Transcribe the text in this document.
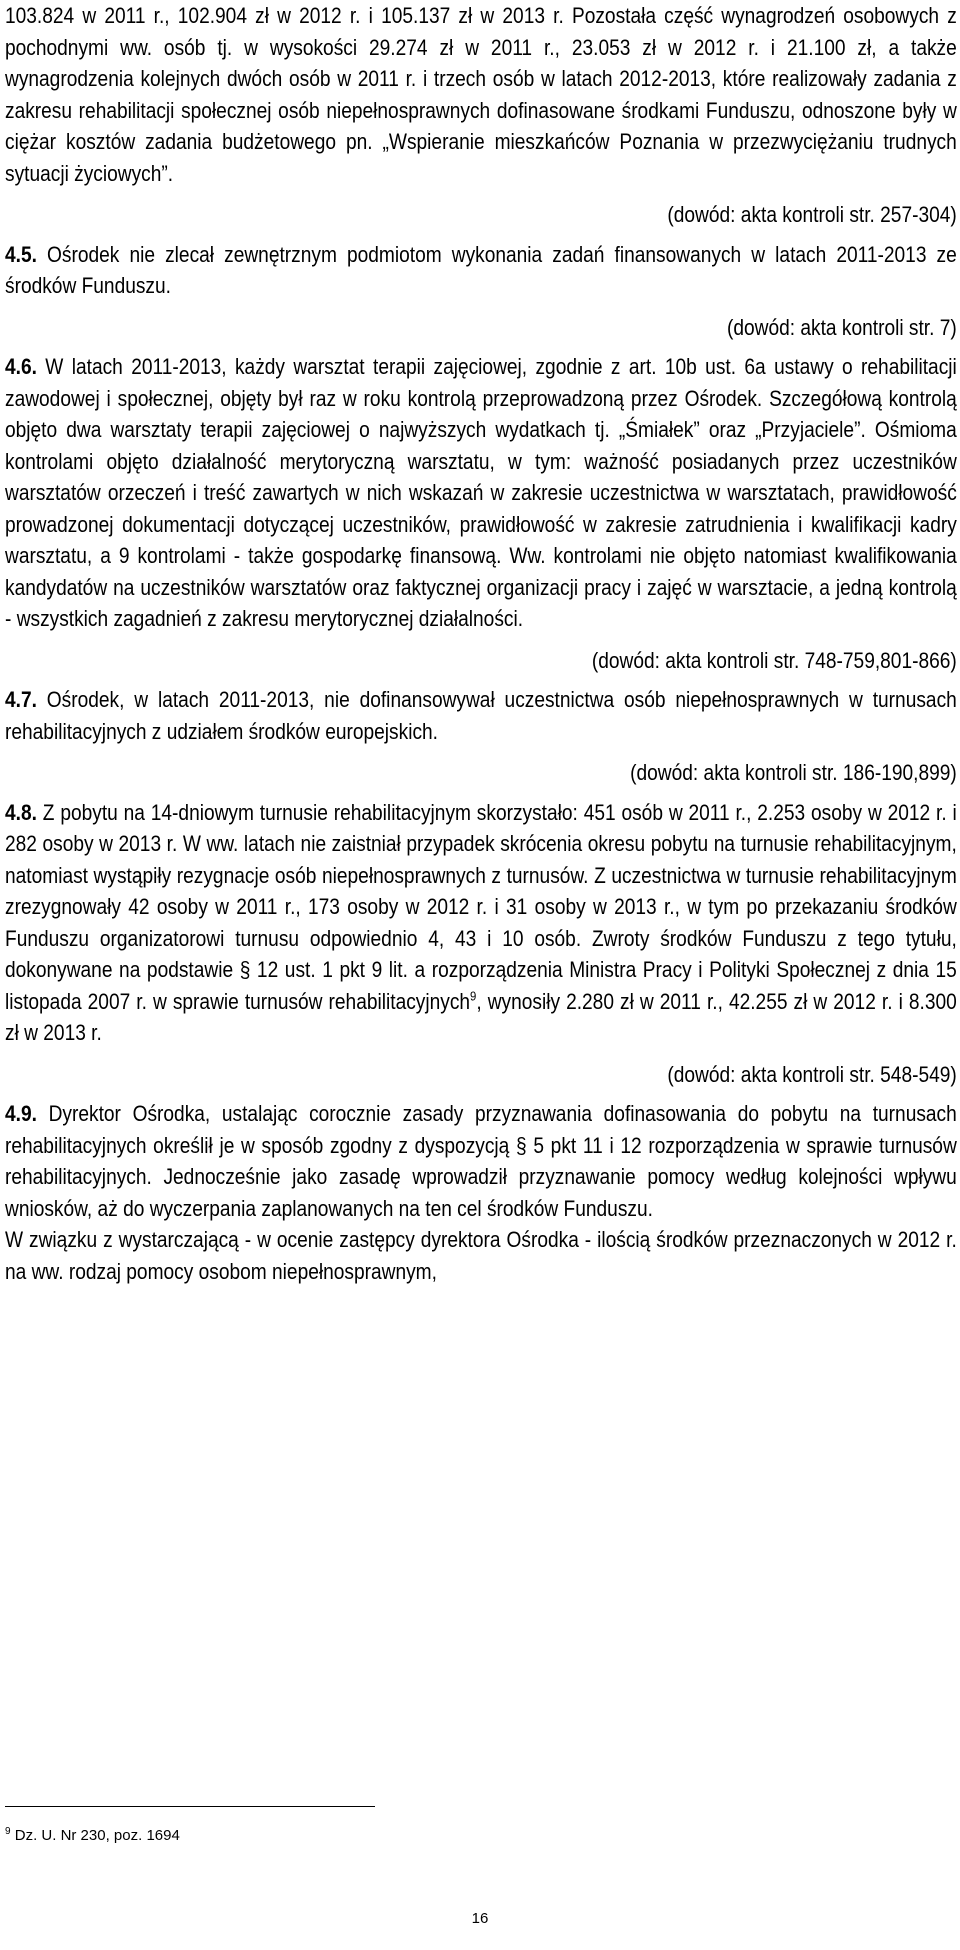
103.824 w 2011 r., 102.904 zł w 2012 r. i 105.137 zł w 2013 r. Pozostała część wynagrodzeń osobowych z pochodnymi ww. osób tj. w wysokości 29.274 zł w 2011 r., 23.053 zł w 2012 r. i 21.100 zł, a także wynagrodzenia kolejnych dwóch osób w 2011 r. i trzech osób w latach 2012-2013, które realizowały zadania z zakresu rehabilitacji społecznej osób niepełnosprawnych dofinasowane środkami Funduszu, odnoszone były w ciężar kosztów zadania budżetowego pn. „Wspieranie mieszkańców Poznania w przezwyciężaniu trudnych sytuacji życiowych”.

(dowód: akta kontroli str. 257-304)

4.5. Ośrodek nie zlecał zewnętrznym podmiotom wykonania zadań finansowanych w latach 2011-2013 ze środków Funduszu.

(dowód: akta kontroli str. 7)

4.6. W latach 2011-2013, każdy warsztat terapii zajęciowej, zgodnie z art. 10b ust. 6a ustawy o rehabilitacji zawodowej i społecznej, objęty był raz w roku kontrolą przeprowadzoną przez Ośrodek. Szczegółową kontrolą objęto dwa warsztaty terapii zajęciowej o najwyższych wydatkach tj. „Śmiałek” oraz „Przyjaciele”. Ośmioma kontrolami objęto działalność merytoryczną warsztatu, w tym: ważność posiadanych przez uczestników warsztatów orzeczeń i treść zawartych w nich wskazań w zakresie uczestnictwa w warsztatach, prawidłowość prowadzonej dokumentacji dotyczącej uczestników, prawidłowość w zakresie zatrudnienia i kwalifikacji kadry warsztatu, a 9 kontrolami - także gospodarkę finansową. Ww. kontrolami nie objęto natomiast kwalifikowania kandydatów na uczestników warsztatów oraz faktycznej organizacji pracy i zajęć w warsztacie, a jedną kontrolą - wszystkich zagadnień z zakresu merytorycznej działalności.

(dowód: akta kontroli str. 748-759,801-866)

4.7. Ośrodek, w latach 2011-2013, nie dofinansowywał uczestnictwa osób niepełnosprawnych w turnusach rehabilitacyjnych z udziałem środków europejskich.

(dowód: akta kontroli str. 186-190,899)

4.8. Z pobytu na 14-dniowym turnusie rehabilitacyjnym skorzystało: 451 osób w 2011 r., 2.253 osoby w 2012 r. i 282 osoby w 2013 r. W ww. latach nie zaistniał przypadek skrócenia okresu pobytu na turnusie rehabilitacyjnym, natomiast wystąpiły rezygnacje osób niepełnosprawnych z turnusów. Z uczestnictwa w turnusie rehabilitacyjnym zrezygnowały 42 osoby w 2011 r., 173 osoby w 2012 r. i 31 osoby w 2013 r., w tym po przekazaniu środków Funduszu organizatorowi turnusu odpowiednio 4, 43 i 10 osób. Zwroty środków Funduszu z tego tytułu, dokonywane na podstawie § 12 ust. 1 pkt 9 lit. a rozporządzenia Ministra Pracy i Polityki Społecznej z dnia 15 listopada 2007 r. w sprawie turnusów rehabilitacyjnych$^9$, wynosiły 2.280 zł w 2011 r., 42.255 zł w 2012 r. i 8.300 zł w 2013 r.

(dowód: akta kontroli str. 548-549)

4.9. Dyrektor Ośrodka, ustalając corocznie zasady przyznawania dofinasowania do pobytu na turnusach rehabilitacyjnych określił je w sposób zgodny z dyspozycją § 5 pkt 11 i 12 rozporządzenia w sprawie turnusów rehabilitacyjnych. Jednocześnie jako zasadę wprowadził przyznawanie pomocy według kolejności wpływu wniosków, aż do wyczerpania zaplanowanych na ten cel środków Funduszu.

W związku z wystarczającą - w ocenie zastępcy dyrektora Ośrodka - ilością środków przeznaczonych w 2012 r. na ww. rodzaj pomocy osobom niepełnosprawnym,

$^9$ Dz. U. Nr 230, poz. 1694
16
